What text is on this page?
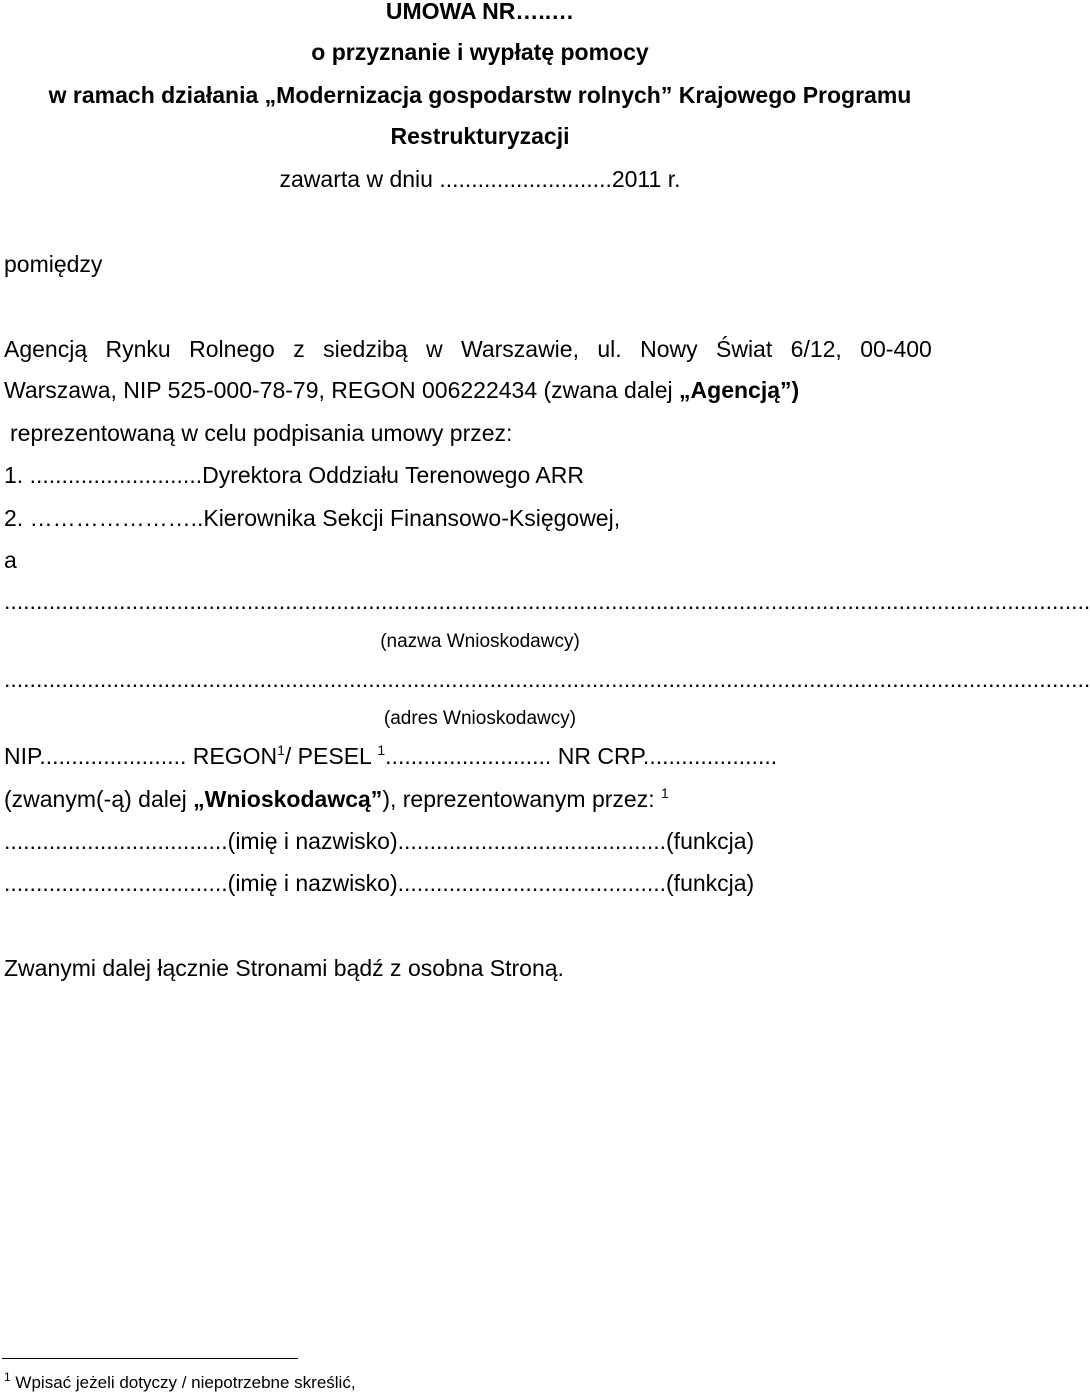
UMOWA NR…..…
o przyznanie i wypłatę pomocy
w ramach działania „Modernizacja gospodarstw rolnych” Krajowego Programu
Restrukturyzacji
zawarta w dniu ...........................2011 r.
pomiędzy
Agencją Rynku Rolnego z siedzibą w Warszawie, ul. Nowy Świat 6/12, 00-400
Warszawa, NIP 525-000-78-79, REGON 006222434 (zwana dalej „Agencją”)
reprezentowaną w celu podpisania umowy przez:
1. ...........................Dyrektora Oddziału Terenowego ARR
2. …………………..Kierownika Sekcji Finansowo-Księgowej,
a
..........................................................................................................................................................................
(nazwa Wnioskodawcy)
..........................................................................................................................................................................
(adres Wnioskodawcy)
NIP....................... REGON$^1$/ PESEL $^1$.......................... NR CRP.....................
(zwanym(-ą) dalej „Wnioskodawcą”), reprezentowanym przez: $^1$
...................................(imię i nazwisko)..........................................(funkcja)
...................................(imię i nazwisko)..........................................(funkcja)
Zwanymi dalej łącznie Stronami bądź z osobna Stroną.
$^1$ Wpisać jeżeli dotyczy / niepotrzebne skreślić,
